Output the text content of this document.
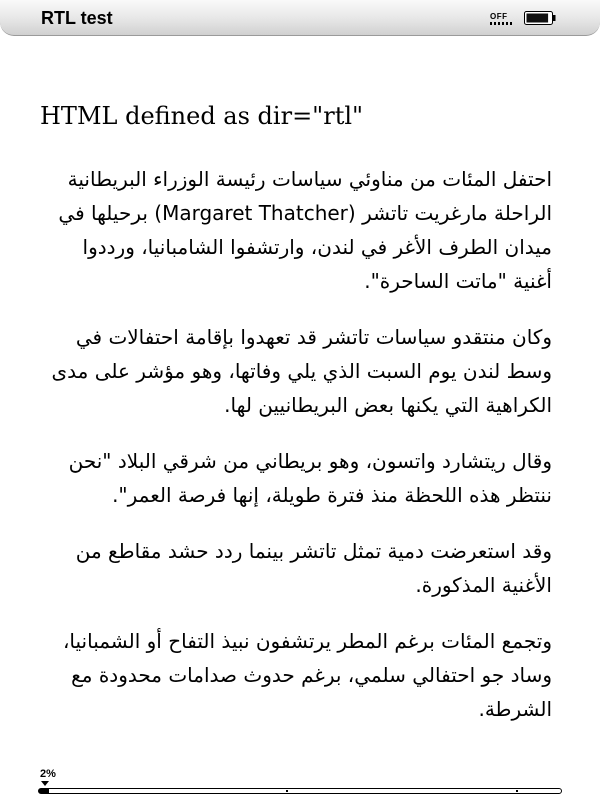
RTL test	OFF
HTML defined as dir="rtl"

احتفل المئات من مناوئي سياسات رئيسة الوزراء البريطانية الراحلة مارغريت تاتشر (Margaret Thatcher) برحيلها في ميدان الطرف الأغر في لندن، وارتشفوا الشامبانيا، ورددوا أغنية "ماتت الساحرة".

وكان منتقدو سياسات تاتشر قد تعهدوا بإقامة احتفالات في وسط لندن يوم السبت الذي يلي وفاتها، وهو مؤشر على مدى الكراهية التي يكنها بعض البريطانيين لها.

وقال ريتشارد واتسون، وهو بريطاني من شرقي البلاد "نحن ننتظر هذه اللحظة منذ فترة طويلة، إنها فرصة العمر".

وقد استعرضت دمية تمثل تاتشر بينما ردد حشد مقاطع من الأغنية المذكورة.

وتجمع المئات برغم المطر يرتشفون نبيذ التفاح أو الشمبانيا، وساد جو احتفالي سلمي، برغم حدوث صدامات محدودة مع الشرطة.

2%
